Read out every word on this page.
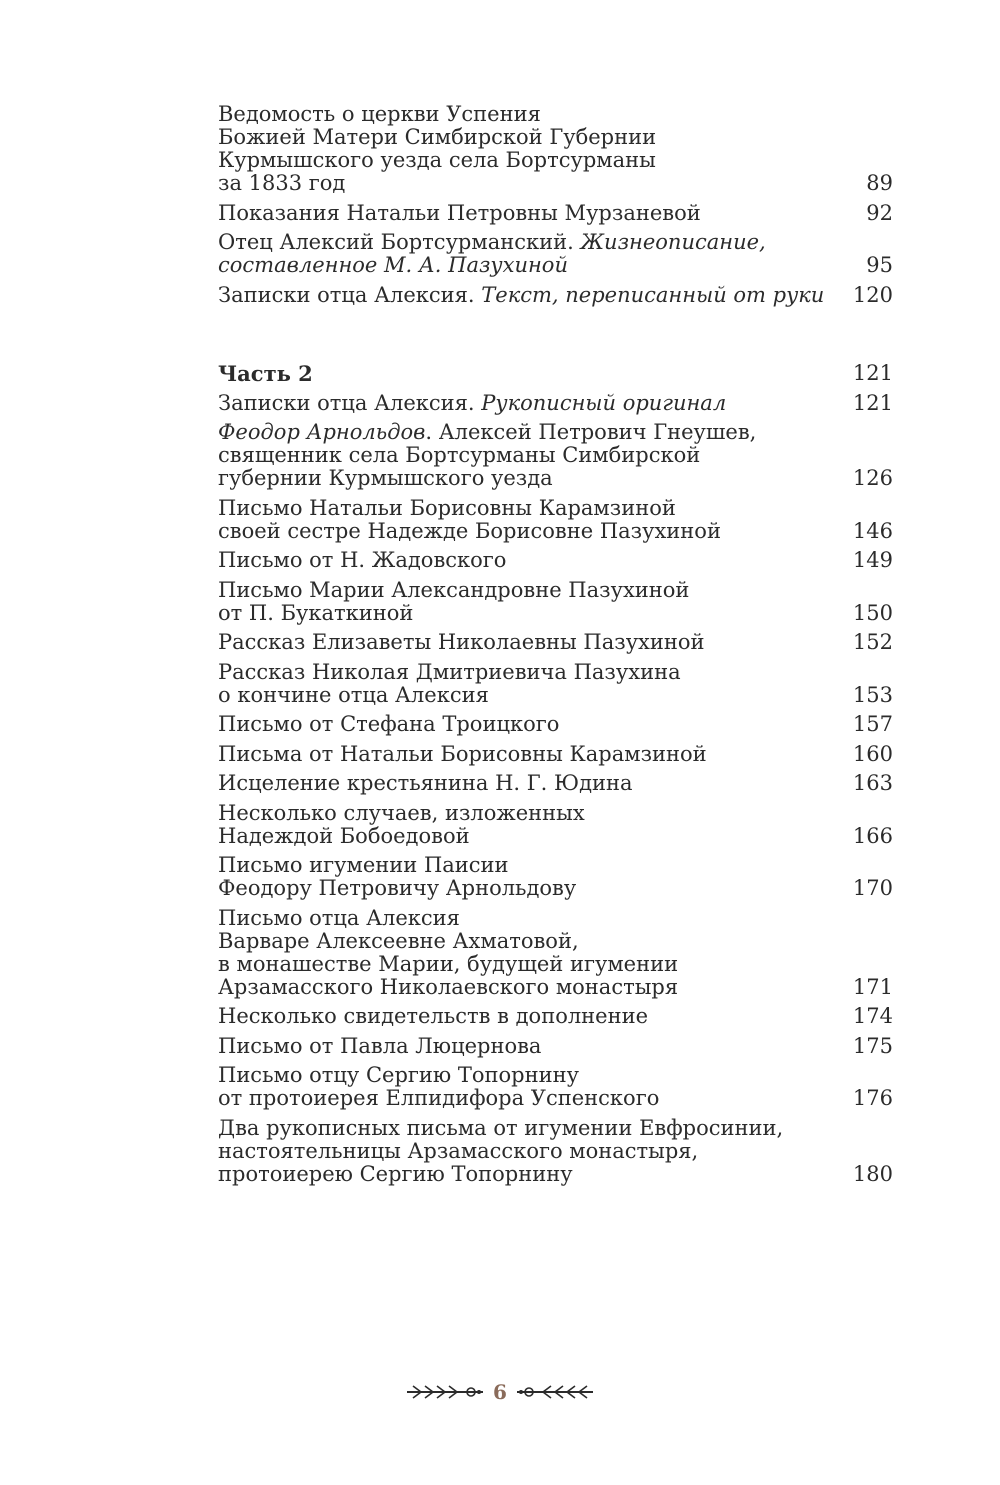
Ведомость о церкви Успения
Божией Матери Симбирской Губернии
Курмышского уезда села Бортсурманы
за 1833 год	89
Показания Натальи Петровны Мурзаневой	92
Отец Алексий Бортсурманский. Жизнеописание,
составленное М. А. Пазухиной	95
Записки отца Алексия. Текст, переписанный от руки	120
Часть 2	121
Записки отца Алексия. Рукописный оригинал	121
Феодор Арнольдов. Алексей Петрович Гнеушев,
священник села Бортсурманы Симбирской
губернии Курмышского уезда	126
Письмо Натальи Борисовны Карамзиной
своей сестре Надежде Борисовне Пазухиной	146
Письмо от Н. Жадовского	149
Письмо Марии Александровне Пазухиной
от П. Букаткиной	150
Рассказ Елизаветы Николаевны Пазухиной	152
Рассказ Николая Дмитриевича Пазухина
о кончине отца Алексия	153
Письмо от Стефана Троицкого	157
Письма от Натальи Борисовны Карамзиной	160
Исцеление крестьянина Н. Г. Юдина	163
Несколько случаев, изложенных
Надеждой Бобоедовой	166
Письмо игумении Паисии
Феодору Петровичу Арнольдову	170
Письмо отца Алексия
Варваре Алексеевне Ахматовой,
в монашестве Марии, будущей игумении
Арзамасского Николаевского монастыря	171
Несколько свидетельств в дополнение	174
Письмо от Павла Люцернова	175
Письмо отцу Сергию Топорнину
от протоиерея Елпидифора Успенского	176
Два рукописных письма от игумении Евфросинии,
настоятельницы Арзамасского монастыря,
протоиерею Сергию Топорнину	180
6
